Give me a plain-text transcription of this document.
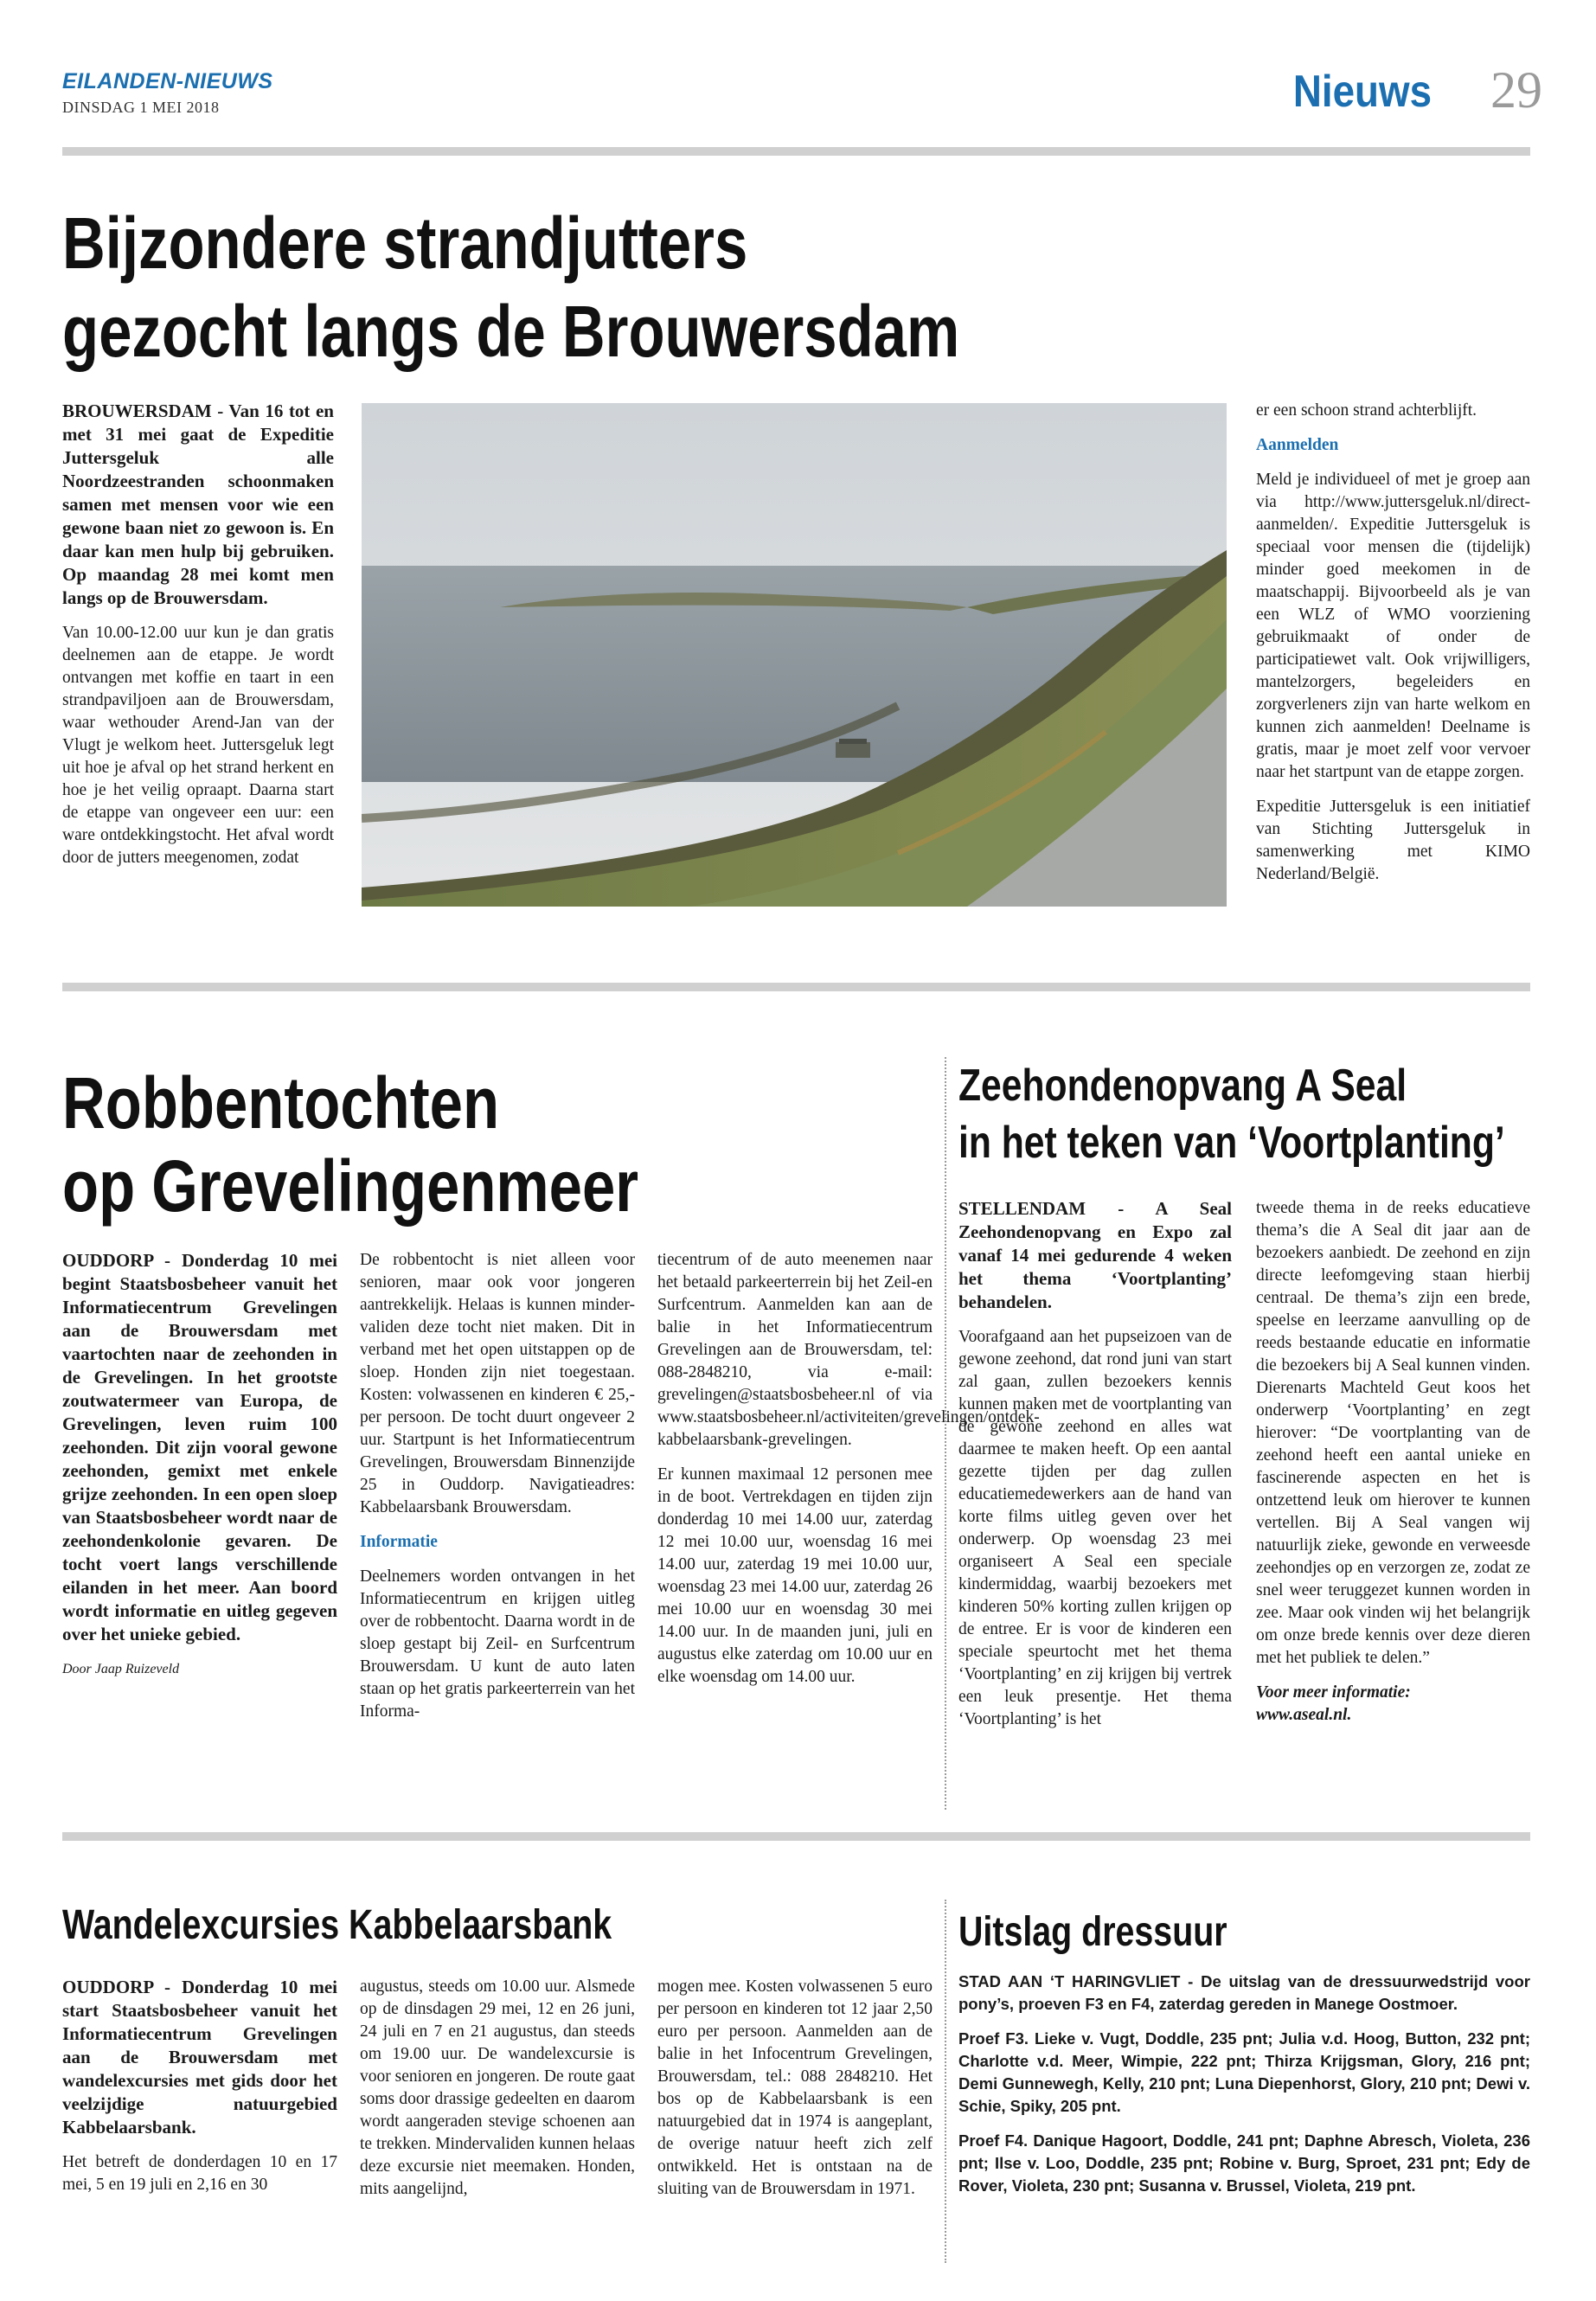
EILANDEN-NIEUWS
DINSDAG 1 MEI 2018	Nieuws 29
Bijzondere strandjutters
gezocht langs de Brouwersdam

BROUWERSDAM - Van 16 tot en met 31 mei gaat de Expeditie Juttersgeluk alle Noordzeestranden schoonmaken samen met mensen voor wie een gewone baan niet zo gewoon is. En daar kan men hulp bij gebruiken. Op maandag 28 mei komt men langs op de Brouwersdam.

Van 10.00-12.00 uur kun je dan gratis deelnemen aan de etappe. Je wordt ontvangen met koffie en taart in een strandpaviljoen aan de Brouwersdam, waar wethouder Arend-Jan van der Vlugt je welkom heet. Juttersgeluk legt uit hoe je afval op het strand herkent en hoe je het veilig opraapt. Daarna start de etappe van ongeveer een uur: een ware ontdekkingstocht. Het afval wordt door de jutters meegenomen, zodat

er een schoon strand achterblijft.

Aanmelden

Meld je individueel of met je groep aan via http://www.juttersgeluk.nl/direct-aanmelden/. Expeditie Juttersgeluk is speciaal voor mensen die (tijdelijk) minder goed meekomen in de maatschappij. Bijvoorbeeld als je van een WLZ of WMO voorziening gebruikmaakt of onder de participatiewet valt. Ook vrijwilligers, mantelzorgers, begeleiders en zorgverleners zijn van harte welkom en kunnen zich aanmelden! Deelname is gratis, maar je moet zelf voor vervoer naar het startpunt van de etappe zorgen.

Expeditie Juttersgeluk is een initiatief van Stichting Juttersgeluk in samenwerking met KIMO Nederland/België.

Robbentochten
op Grevelingenmeer

OUDDORP - Donderdag 10 mei begint Staatsbosbeheer vanuit het Informatiecentrum Grevelingen aan de Brouwersdam met vaartochten naar de zeehonden in de Grevelingen. In het grootste zoutwatermeer van Europa, de Grevelingen, leven ruim 100 zeehonden. Dit zijn vooral gewone zeehonden, gemixt met enkele grijze zeehonden. In een open sloep van Staatsbosbeheer wordt naar de zeehondenkolonie gevaren. De tocht voert langs verschillende eilanden in het meer. Aan boord wordt informatie en uitleg gegeven over het unieke gebied.

Door Jaap Ruizeveld

De robbentocht is niet alleen voor senioren, maar ook voor jongeren aantrekkelijk. Helaas is kunnen minder-validen deze tocht niet maken. Dit in verband met het open uitstappen op de sloep. Honden zijn niet toegestaan. Kosten: volwassenen en kinderen € 25,- per persoon. De tocht duurt ongeveer 2 uur. Startpunt is het Informatiecentrum Grevelingen, Brouwersdam Binnenzijde 25 in Ouddorp. Navigatieadres: Kabbelaarsbank Brouwersdam.

Informatie

Deelnemers worden ontvangen in het Informatiecentrum en krijgen uitleg over de robbentocht. Daarna wordt in de sloep gestapt bij Zeil- en Surfcentrum Brouwersdam. U kunt de auto laten staan op het gratis parkeerterrein van het Informa-

tiecentrum of de auto meenemen naar het betaald parkeerterrein bij het Zeil-en Surfcentrum. Aanmelden kan aan de balie in het Informatiecentrum Grevelingen aan de Brouwersdam, tel: 088-2848210, via e-mail: grevelingen@staatsbosbeheer.nl of via www.staatsbosbeheer.nl/activiteiten/grevelingen/ontdek-kabbelaarsbank-grevelingen.

Er kunnen maximaal 12 personen mee in de boot. Vertrekdagen en tijden zijn donderdag 10 mei 14.00 uur, zaterdag 12 mei 10.00 uur, woensdag 16 mei 14.00 uur, zaterdag 19 mei 10.00 uur, woensdag 23 mei 14.00 uur, zaterdag 26 mei 10.00 uur en woensdag 30 mei 14.00 uur. In de maanden juni, juli en augustus elke zaterdag om 10.00 uur en elke woensdag om 14.00 uur.

Zeehondenopvang A Seal
in het teken van ‘Voortplanting’

STELLENDAM - A Seal Zeehondenopvang en Expo zal vanaf 14 mei gedurende 4 weken het thema ‘Voortplanting’ behandelen.

Voorafgaand aan het pupseizoen van de gewone zeehond, dat rond juni van start zal gaan, zullen bezoekers kennis kunnen maken met de voortplanting van de gewone zeehond en alles wat daarmee te maken heeft. Op een aantal gezette tijden per dag zullen educatiemedewerkers aan de hand van korte films uitleg geven over het onderwerp. Op woensdag 23 mei organiseert A Seal een speciale kindermiddag, waarbij bezoekers met kinderen 50% korting zullen krijgen op de entree. Er is voor de kinderen een speciale speurtocht met het thema ‘Voortplanting’ en zij krijgen bij vertrek een leuk presentje. Het thema ‘Voortplanting’ is het

tweede thema in de reeks educatieve thema’s die A Seal dit jaar aan de bezoekers aanbiedt. De zeehond en zijn directe leefomgeving staan hierbij centraal. De thema’s zijn een brede, speelse en leerzame aanvulling op de reeds bestaande educatie en informatie die bezoekers bij A Seal kunnen vinden. Dierenarts Machteld Geut koos het onderwerp ‘Voortplanting’ en zegt hierover: “De voortplanting van de zeehond heeft een aantal unieke en fascinerende aspecten en het is ontzettend leuk om hierover te kunnen vertellen. Bij A Seal vangen wij natuurlijk zieke, gewonde en verweesde zeehondjes op en verzorgen ze, zodat ze snel weer teruggezet kunnen worden in zee. Maar ook vinden wij het belangrijk om onze brede kennis over deze dieren met het publiek te delen.”

Voor meer informatie:

www.aseal.nl.

Wandelexcursies Kabbelaarsbank

OUDDORP - Donderdag 10 mei start Staatsbosbeheer vanuit het Informatiecentrum Grevelingen aan de Brouwersdam met wandelexcursies met gids door het veelzijdige natuurgebied Kabbelaarsbank.

Het betreft de donderdagen 10 en 17 mei, 5 en 19 juli en 2,16 en 30

augustus, steeds om 10.00 uur. Alsmede op de dinsdagen 29 mei, 12 en 26 juni, 24 juli en 7 en 21 augustus, dan steeds om 19.00 uur. De wandelexcursie is voor senioren en jongeren. De route gaat soms door drassige gedeelten en daarom wordt aangeraden stevige schoenen aan te trekken. Mindervaliden kunnen helaas deze excursie niet meemaken. Honden, mits aangelijnd,

mogen mee. Kosten volwassenen 5 euro per persoon en kinderen tot 12 jaar 2,50 euro per persoon. Aanmelden aan de balie in het Infocentrum Grevelingen, Brouwersdam, tel.: 088 2848210. Het bos op de Kabbelaarsbank is een natuurgebied dat in 1974 is aangeplant, de overige natuur heeft zich zelf ontwikkeld. Het is ontstaan na de sluiting van de Brouwersdam in 1971.

Uitslag dressuur

STAD AAN ‘T HARINGVLIET - De uitslag van de dressuurwedstrijd voor pony’s, proeven F3 en F4, zaterdag gereden in Manege Oostmoer.

Proef F3. Lieke v. Vugt, Doddle, 235 pnt; Julia v.d. Hoog, Button, 232 pnt; Charlotte v.d. Meer, Wimpie, 222 pnt; Thirza Krijgsman, Glory, 216 pnt; Demi Gunnewegh, Kelly, 210 pnt; Luna Diepenhorst, Glory, 210 pnt; Dewi v. Schie, Spiky, 205 pnt.

Proef F4. Danique Hagoort, Doddle, 241 pnt; Daphne Abresch, Violeta, 236 pnt; Ilse v. Loo, Doddle, 235 pnt; Robine v. Burg, Sproet, 231 pnt; Edy de Rover, Violeta, 230 pnt; Susanna v. Brussel, Violeta, 219 pnt.
